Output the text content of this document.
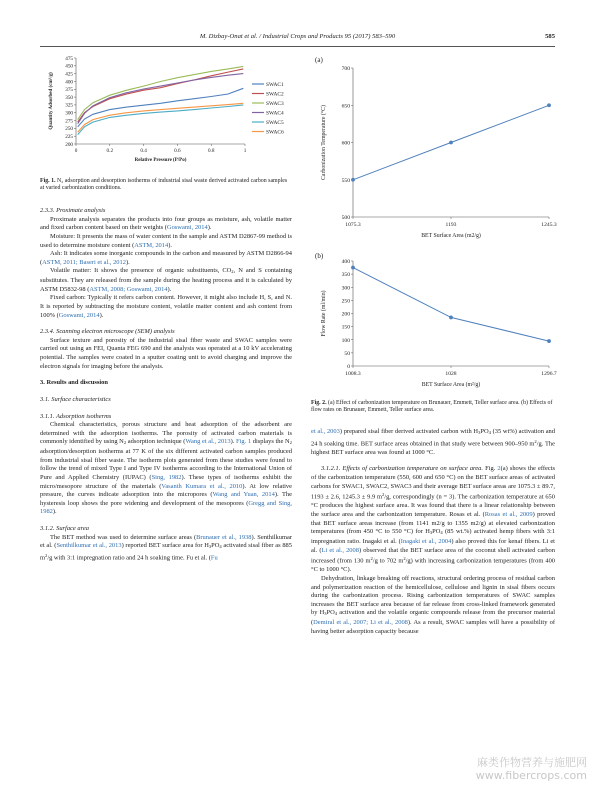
M. Dizbay-Onat et al. / Industrial Crops and Products 95 (2017) 583–590	585
200
225
250
275
300
325
350
375
400
425
450
475
0	0.2	0.4	0.6	0.8	1
Relative Pressure (P/Po)
Quantity Adsorbed (cm³/g)	SWAC1
SWAC2
SWAC3
SWAC4
SWAC5
SWAC6
Fig. 1. N₂ adsorption and desorption isotherms of industrial sisal waste derived activated carbon samples at varied carbonization conditions.
(a)
500
550
600
650
700
1075.3	1193	1245.3
BET Surface Area (m2/g)
Carbonization Temperature (°C)
(b)
0
50
100
150
200
250
300
350
400
1008.3	1028	1296.7
BET Surface Area (m²/g)
Flow Rate (ml/min)
Fig. 2. (a) Effect of carbonization temperature on Brunauer, Emmett, Teller surface area. (b) Effects of flow rates on Brunauer, Emmett, Teller surface area.
2.3.3. Proximate analysis

Proximate analysis separates the products into four groups as moisture, ash, volatile matter and fixed carbon content based on their weights (Goswami, 2014).

Moisture: It presents the mass of water content in the sample and ASTM D2867-99 method is used to determine moisture content (ASTM, 2014).

Ash: It indicates some inorganic compounds in the carbon and measured by ASTM D2866-94 (ASTM, 2011; Baseri et al., 2012).

Volatile matter: It shows the presence of organic substituents, $CO_2$, N and S containing substitutes. They are released from the sample during the heating process and it is calculated by ASTM D5832-98 (ASTM, 2008; Goswami, 2014).

Fixed carbon: Typically it refers carbon content. However, it might also include H, S, and N. It is reported by subtracting the moisture content, volatile matter content and ash content from 100% (Goswami, 2014).

2.3.4. Scanning electron microscope (SEM) analysis

Surface texture and porosity of the industrial sisal fiber waste and SWAC samples were carried out using an FEI, Quanta FEG 690 and the analysis was operated at a 10 kV accelerating potential. The samples were coated in a sputter coating unit to avoid charging and improve the electron signals for imaging before the analysis.

3. Results and discussion
3.1. Surface characteristics
3.1.1. Adsorption isotherms

Chemical characteristics, porous structure and heat adsorption of the adsorbent are determined with the adsorption isotherms. The porosity of activated carbon materials is commonly identified by using $N_2$ adsorption technique (Wang et al., 2013). Fig. 1 displays the $N_2$ adsorption/desorption isotherms at 77 K of the six different activated carbon samples produced from industrial sisal fiber waste. The isotherm plots generated from these studies were found to follow the trend of mixed Type I and Type IV isotherms according to the International Union of Pure and Applied Chemistry (IUPAC) (Sing, 1982). These types of isotherms exhibit the micro/mesopore structure of the materials (Vasanth Kumara et al., 2010). At low relative pressure, the curves indicate adsorption into the micropores (Wang and Yuan, 2014). The hysteresis loop shows the pore widening and development of the mesopores (Gregg and Sing, 1982).

3.1.2. Surface area

The BET method was used to determine surface areas (Brunauer et al., 1938). Senthilkumar et al. (Senthilkumar et al., 2013) reported BET surface area for $H_3PO_4$ activated sisal fiber as 885 $m^2/g$ with 3:1 impregnation ratio and 24 h soaking time. Fu et al. (Fu

et al., 2003) prepared sisal fiber derived activated carbon with $H_3PO_4$ (35 wt%) activation and 24 h soaking time. BET surface areas obtained in that study were between 900–950 $m^2/g$. The highest BET surface area was found at 1000 °C.

3.1.2.1. Effects of carbonization temperature on surface area. Fig. 2(a) shows the effects of the carbonization temperature (550, 600 and 650 °C) on the BET surface areas of activated carbons for SWAC1, SWAC2, SWAC3 and their average BET surface areas are 1075.3 ± 89.7, 1193 ± 2.6, 1245.3 ± 9.9 $m^2/g$, correspondingly (n = 3). The carbonization temperature at 650 °C produces the highest surface area. It was found that there is a linear relationship between the surface area and the carbonization temperature. Rosas et al. (Rosas et al., 2009) proved that BET surface areas increase (from 1141 m2/g to 1355 m2/g) at elevated carbonization temperatures (from 450 °C to 550 °C) for $H_3PO_4$ (85 wt.%) activated hemp fibers with 3:1 impregnation ratio. Inagaki et al. (Inagaki et al., 2004) also proved this for kenaf fibers. Li et al. (Li et al., 2008) observed that the BET surface area of the coconut shell activated carbon increased (from 130 $m^2/g$ to 702 $m^2/g$) with increasing carbonization temperatures (from 400 °C to 1000 °C).

Dehydration, linkage breaking off reactions, structural ordering process of residual carbon and polymerization reaction of the hemicellulose, cellulose and lignin in sisal fibers occurs during the carbonization process. Rising carbonization temperatures of SWAC samples increases the BET surface area because of far release from cross-linked framework generated by $H_3PO_4$ activation and the volatile organic compounds release from the precursor material (Demiral et al., 2007; Li et al., 2008). As a result, SWAC samples will have a possibility of having better adsorption capacity because

麻类作物营养与施肥网
www.fibercrops.com
